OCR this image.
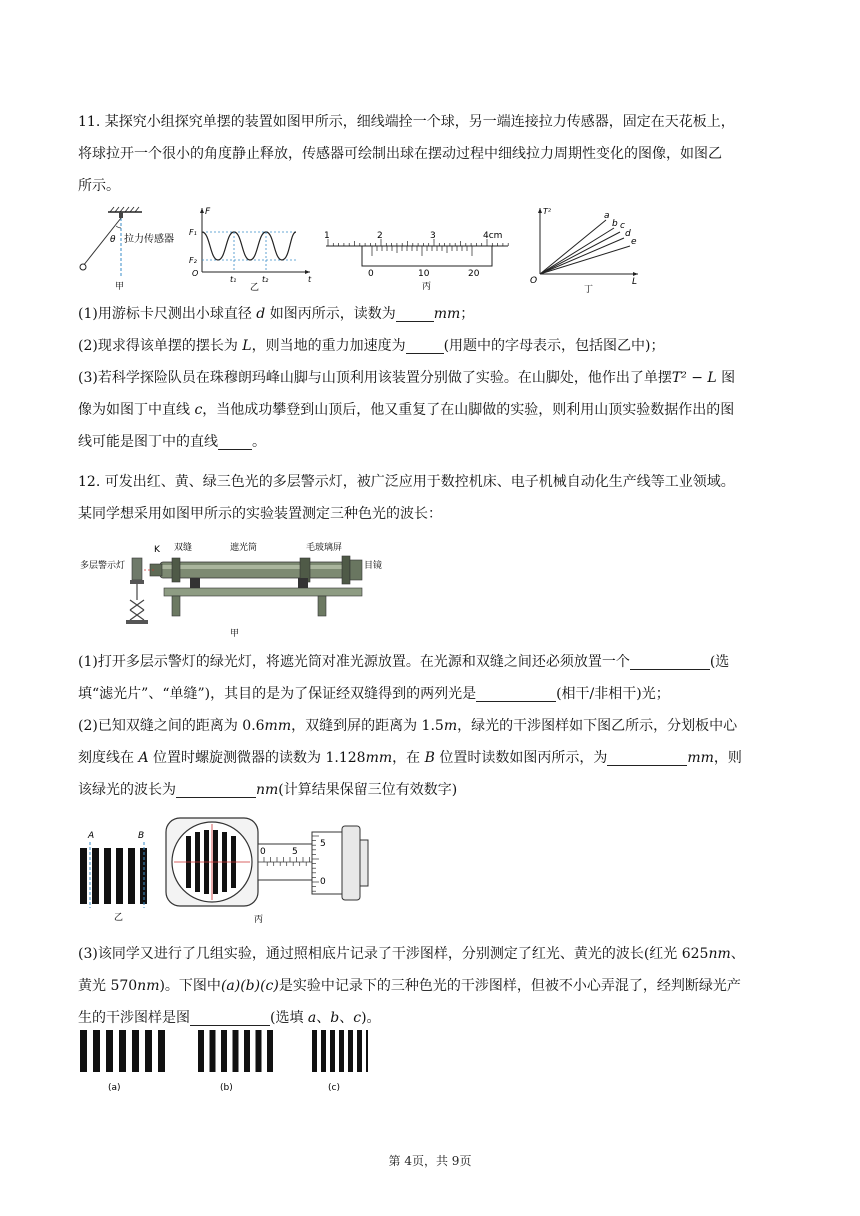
11. 某探究小组探究单摆的装置如图甲所示，细线端拴一个球，另一端连接拉力传感器，固定在天花板上，
将球拉开一个很小的角度静止释放，传感器可绘制出球在摆动过程中细线拉力周期性变化的图像，如图乙
所示。
θ 拉力传感器
甲
F
F₁
F₂
O
t₁	t₂	t
乙
1	2	3	4cm
0	10	20
丙
a
b c
d
e
T²
L
O
丁
(1)用游标卡尺测出小球直径 d 如图丙所示，读数为	mm；
(2)现求得该单摆的摆长为 L，则当地的重力加速度为	(用题中的字母表示，包括图乙中)；
(3)若科学探险队员在珠穆朗玛峰山脚与山顶利用该装置分别做了实验。在山脚处，他作出了单摆T² − L 图
像为如图丁中直线 c，当他成功攀登到山顶后，他又重复了在山脚做的实验，则利用山顶实验数据作出的图
线可能是图丁中的直线 。
12. 可发出红、黄、绿三色光的多层警示灯，被广泛应用于数控机床、电子机械自动化生产线等工业领域。
某同学想采用如图甲所示的实验装置测定三种色光的波长：
多层警示灯
K 双缝	遮光筒	毛玻璃屏
目镜
甲
(1)打开多层示警灯的绿光灯，将遮光筒对准光源放置。在光源和双缝之间还必须放置一个	(选
填“滤光片”、“单缝”)，其目的是为了保证经双缝得到的两列光是	(相干/非相干)光；
(2)已知双缝之间的距离为 0.6mm，双缝到屏的距离为 1.5m，绿光的干涉图样如下图乙所示，分划板中心
刻度线在 A 位置时螺旋测微器的读数为 1.128mm，在 B 位置时读数如图丙所示，为	mm，则
该绿光的波长为	nm(计算结果保留三位有效数字)
A	B
乙
0	5
5
0
丙
(3)该同学又进行了几组实验，通过照相底片记录了干涉图样，分别测定了红光、黄光的波长(红光 625nm、
黄光 570nm)。下图中(a)(b)(c)是实验中记录下的三种色光的干涉图样，但被不小心弄混了，经判断绿光产
生的干涉图样是图	(选填 a、b、c)。
(a)	(b)	(c)
第 4页，共 9页
